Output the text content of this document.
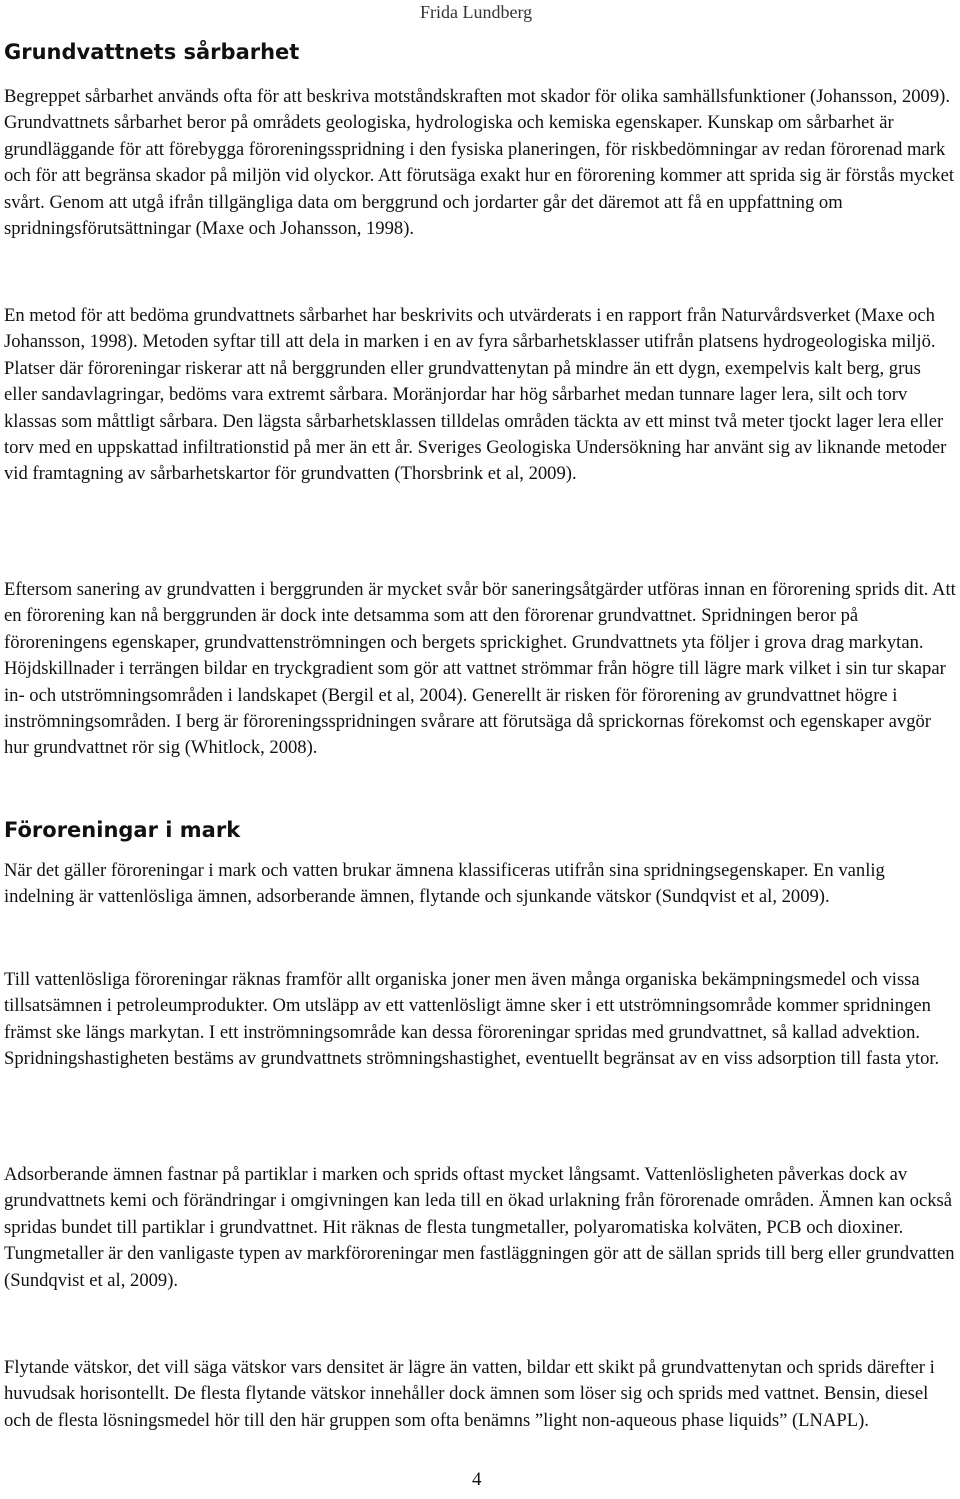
Frida Lundberg
Grundvattnets sårbarhet

Begreppet sårbarhet används ofta för att beskriva motståndskraften mot skador för olika samhällsfunktioner (Johansson, 2009). Grundvattnets sårbarhet beror på områdets geologiska, hydrologiska och kemiska egenskaper. Kunskap om sårbarhet är grundläggande för att förebygga föroreningsspridning i den fysiska planeringen, för riskbedömningar av redan förorenad mark och för att begränsa skador på miljön vid olyckor. Att förutsäga exakt hur en förorening kommer att sprida sig är förstås mycket svårt. Genom att utgå ifrån tillgängliga data om berggrund och jordarter går det däremot att få en uppfattning om spridningsförutsättningar (Maxe och Johansson, 1998).

En metod för att bedöma grundvattnets sårbarhet har beskrivits och utvärderats i en rapport från Naturvårdsverket (Maxe och Johansson, 1998). Metoden syftar till att dela in marken i en av fyra sårbarhetsklasser utifrån platsens hydrogeologiska miljö. Platser där föroreningar riskerar att nå berggrunden eller grundvattenytan på mindre än ett dygn, exempelvis kalt berg, grus eller sandavlagringar, bedöms vara extremt sårbara. Moränjordar har hög sårbarhet medan tunnare lager lera, silt och torv klassas som måttligt sårbara. Den lägsta sårbarhetsklassen tilldelas områden täckta av ett minst två meter tjockt lager lera eller torv med en uppskattad infiltrationstid på mer än ett år. Sveriges Geologiska Undersökning har använt sig av liknande metoder vid framtagning av sårbarhetskartor för grundvatten (Thorsbrink et al, 2009).

Eftersom sanering av grundvatten i berggrunden är mycket svår bör saneringsåtgärder utföras innan en förorening sprids dit. Att en förorening kan nå berggrunden är dock inte detsamma som att den förorenar grundvattnet. Spridningen beror på föroreningens egenskaper, grundvattenströmningen och bergets sprickighet. Grundvattnets yta följer i grova drag markytan. Höjdskillnader i terrängen bildar en tryckgradient som gör att vattnet strömmar från högre till lägre mark vilket i sin tur skapar in- och utströmningsområden i landskapet (Bergil et al, 2004). Generellt är risken för förorening av grundvattnet högre i inströmningsområden. I berg är föroreningsspridningen svårare att förutsäga då sprickornas förekomst och egenskaper avgör hur grundvattnet rör sig (Whitlock, 2008).

Föroreningar i mark

När det gäller föroreningar i mark och vatten brukar ämnena klassificeras utifrån sina spridningsegenskaper. En vanlig indelning är vattenlösliga ämnen, adsorberande ämnen, flytande och sjunkande vätskor (Sundqvist et al, 2009).

Till vattenlösliga föroreningar räknas framför allt organiska joner men även många organiska bekämpningsmedel och vissa tillsatsämnen i petroleumprodukter. Om utsläpp av ett vattenlösligt ämne sker i ett utströmningsområde kommer spridningen främst ske längs markytan. I ett inströmningsområde kan dessa föroreningar spridas med grundvattnet, så kallad advektion. Spridningshastigheten bestäms av grundvattnets strömningshastighet, eventuellt begränsat av en viss adsorption till fasta ytor.

Adsorberande ämnen fastnar på partiklar i marken och sprids oftast mycket långsamt. Vattenlösligheten påverkas dock av grundvattnets kemi och förändringar i omgivningen kan leda till en ökad urlakning från förorenade områden. Ämnen kan också spridas bundet till partiklar i grundvattnet. Hit räknas de flesta tungmetaller, polyaromatiska kolväten, PCB och dioxiner. Tungmetaller är den vanligaste typen av markföroreningar men fastläggningen gör att de sällan sprids till berg eller grundvatten (Sundqvist et al, 2009).

Flytande vätskor, det vill säga vätskor vars densitet är lägre än vatten, bildar ett skikt på grundvattenytan och sprids därefter i huvudsak horisontellt. De flesta flytande vätskor innehåller dock ämnen som löser sig och sprids med vattnet. Bensin, diesel och de flesta lösningsmedel hör till den här gruppen som ofta benämns ”light non-aqueous phase liquids” (LNAPL).

4
